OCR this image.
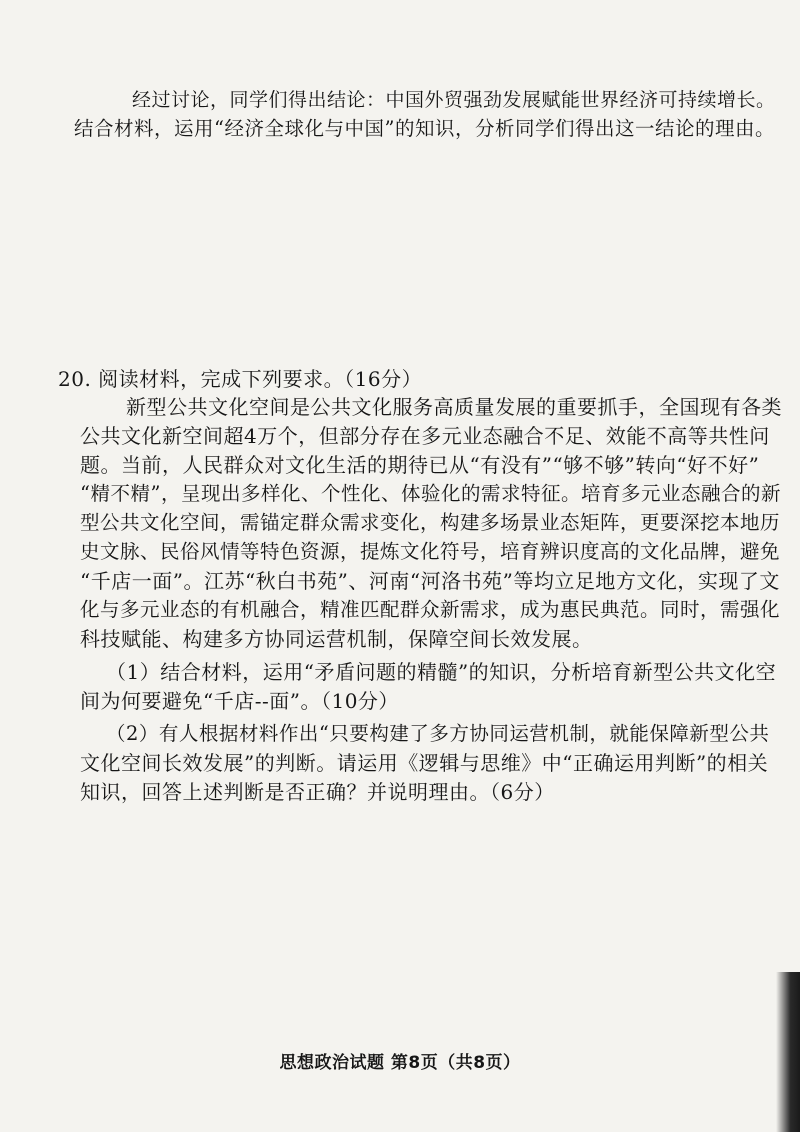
经过讨论，同学们得出结论：中国外贸强劲发展赋能世界经济可持续增长。
结合材料，运用“经济全球化与中国”的知识，分析同学们得出这一结论的理由。
20. 阅读材料，完成下列要求。（16分）
新型公共文化空间是公共文化服务高质量发展的重要抓手，全国现有各类
公共文化新空间超4万个，但部分存在多元业态融合不足、效能不高等共性问
题。当前，人民群众对文化生活的期待已从“有没有”“够不够”转向“好不好”
“精不精”，呈现出多样化、个性化、体验化的需求特征。培育多元业态融合的新
型公共文化空间，需锚定群众需求变化，构建多场景业态矩阵，更要深挖本地历
史文脉、民俗风情等特色资源，提炼文化符号，培育辨识度高的文化品牌，避免
“千店一面”。江苏“秋白书苑”、河南“河洛书苑”等均立足地方文化，实现了文
化与多元业态的有机融合，精准匹配群众新需求，成为惠民典范。同时，需强化
科技赋能、构建多方协同运营机制，保障空间长效发展。
（1）结合材料，运用“矛盾问题的精髓”的知识，分析培育新型公共文化空
间为何要避免“千店--面”。（10分）
（2）有人根据材料作出“只要构建了多方协同运营机制，就能保障新型公共
文化空间长效发展”的判断。请运用《逻辑与思维》中“正确运用判断”的相关
知识，回答上述判断是否正确？并说明理由。（6分）
思想政治试题 第8页（共8页）
